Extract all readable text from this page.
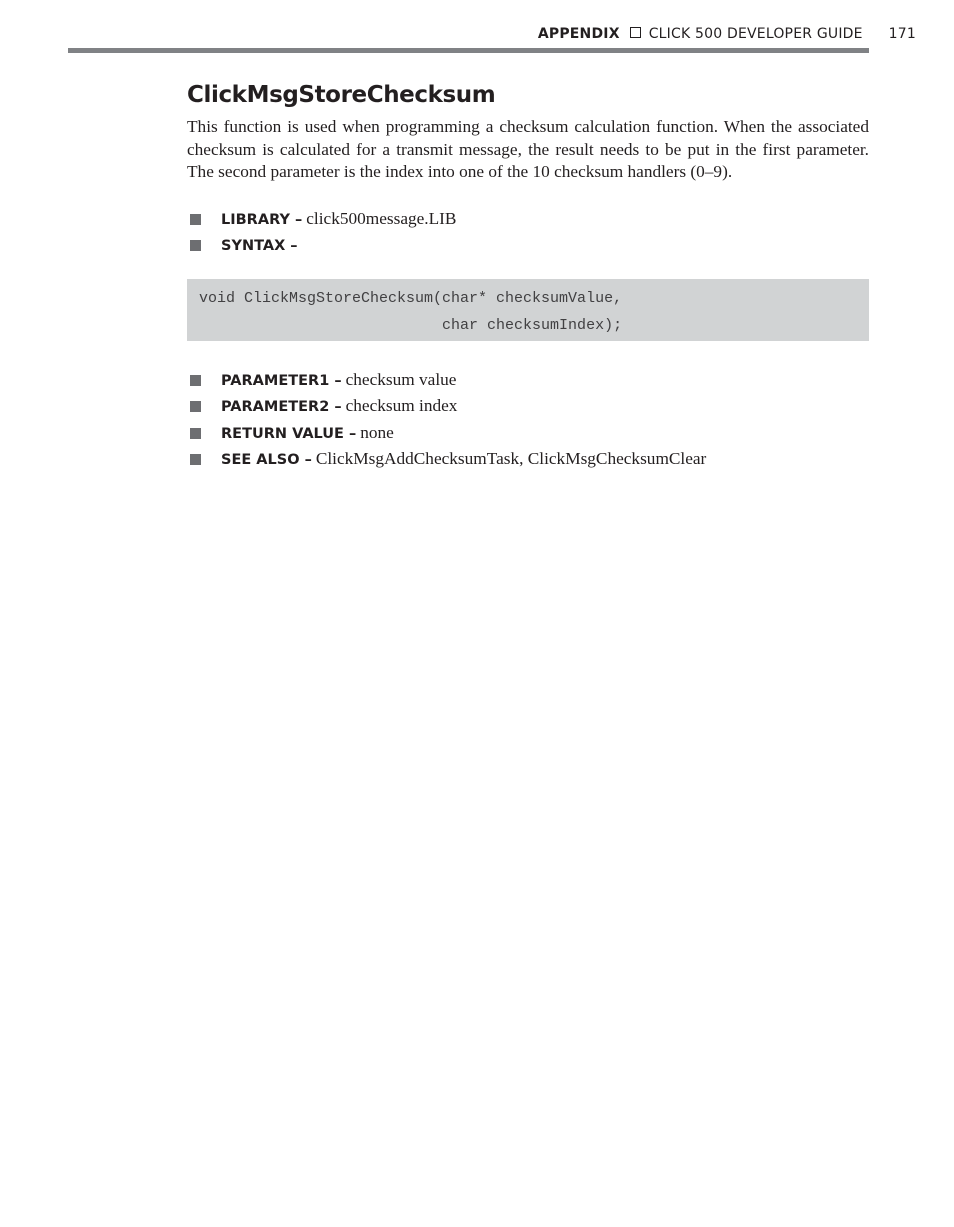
APPENDIX CLICK 500 DEVELOPER GUIDE 171
ClickMsgStoreChecksum

This function is used when programming a checksum calculation function. When the associated checksum is calculated for a transmit message, the result needs to be put in the first parameter. The second parameter is the index into one of the 10 checksum handlers (0–9).

LIBRARY – click500message.LIB
SYNTAX –
void ClickMsgStoreChecksum(char* checksumValue,
char checksumIndex);
PARAMETER1 – checksum value
PARAMETER2 – checksum index
RETURN VALUE – none
SEE ALSO – ClickMsgAddChecksumTask, ClickMsgChecksumClear
